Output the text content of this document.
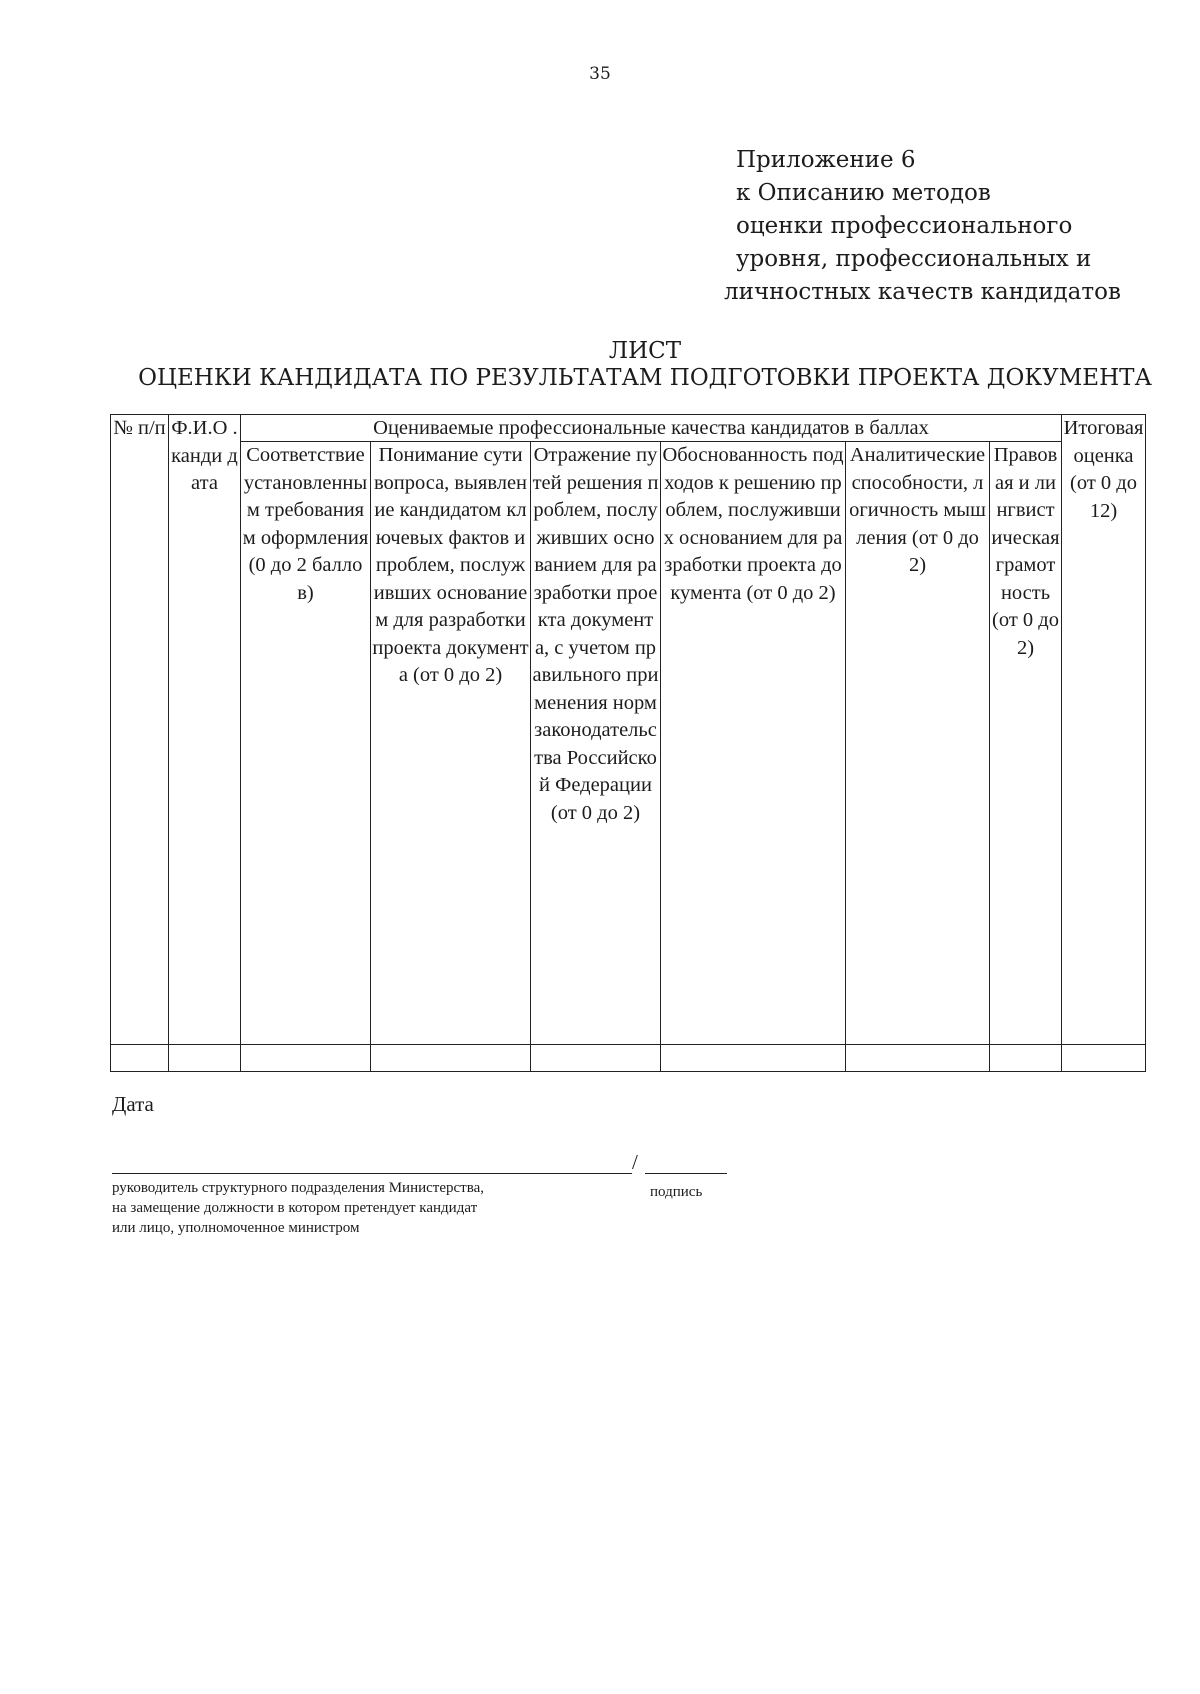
35
Приложение 6
к Описанию методов
оценки профессионального
уровня, профессиональных и
личностных качеств кандидатов
ЛИСТ
ОЦЕНКИ КАНДИДАТА ПО РЕЗУЛЬТАТАМ ПОДГОТОВКИ ПРОЕКТА ДОКУМЕНТА
№ п/п	Ф.И.О . канди дата	Оцениваемые профессиональные качества кандидатов в баллах						Итоговая оценка (от 0 до 12)
		Соответствие установленным требованиям оформления (0 до 2 баллов)	Понимание сути вопроса, выявление кандидатом ключевых фактов и проблем, послуживших основанием для разработки проекта документа (от 0 до 2)	Отражение путей решения проблем, послуживших основанием для разработки проекта документа, с учетом правильного применения норм законодательства Российской Федерации (от 0 до 2)	Обоснованность подходов к решению проблем, послуживших основанием для разработки проекта документа (от 0 до 2)	Аналитические способности, логичность мышления (от 0 до 2)	Правовая и лингвистическая грамотность (от 0 до 2)	

Дата
/
руководитель структурного подразделения Министерства,
на замещение должности в котором претендует кандидат
или лицо, уполномоченное министром
подпись
